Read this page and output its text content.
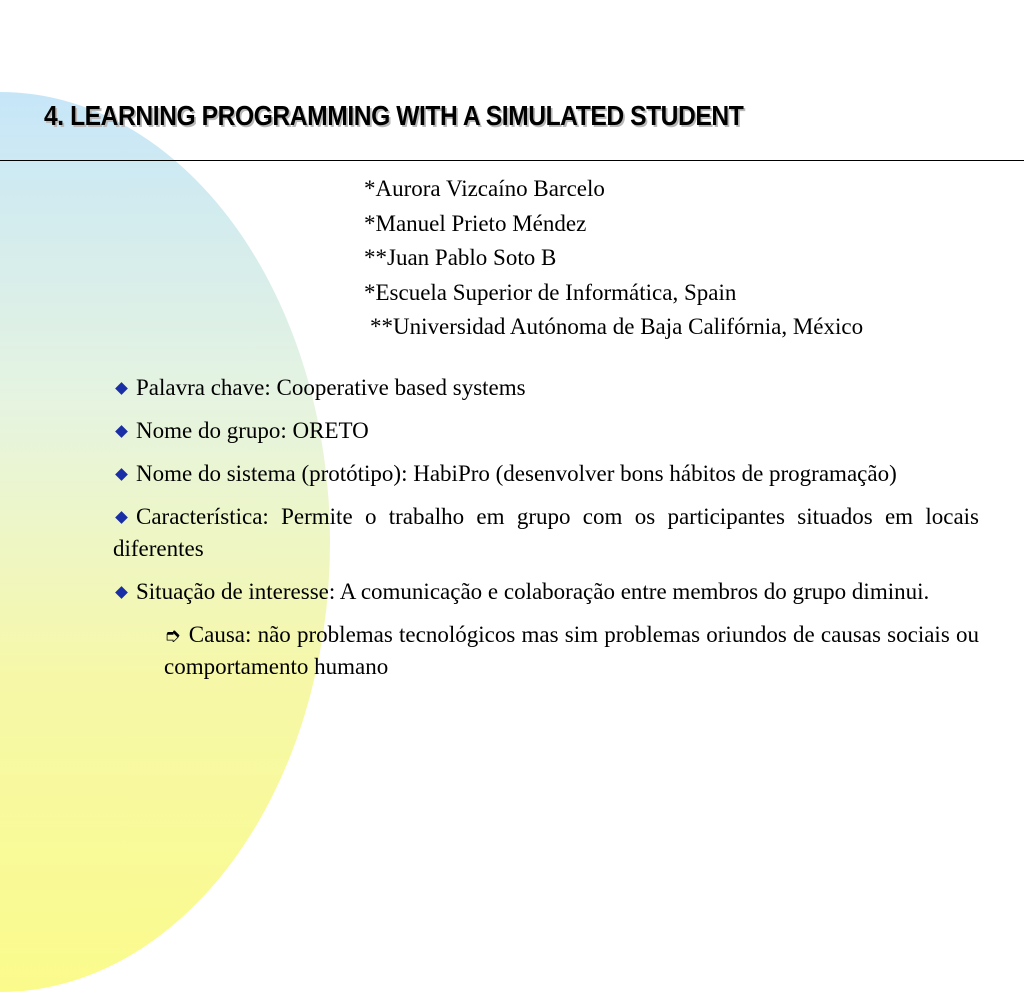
4. LEARNING PROGRAMMING WITH A SIMULATED STUDENT
*Aurora Vizcaíno Barcelo
*Manuel Prieto Méndez
**Juan Pablo Soto B
*Escuela Superior de Informática, Spain
**Universidad Autónoma de Baja Califórnia, México
Palavra chave: Cooperative based systems
Nome do grupo: ORETO
Nome do sistema (protótipo): HabiPro (desenvolver bons hábitos de programação)
Característica: Permite o trabalho em grupo com os participantes situados em locais diferentes
Situação de interesse: A comunicação e colaboração entre membros do grupo diminui.
➮ Causa: não problemas tecnológicos mas sim problemas oriundos de causas sociais ou comportamento humano
